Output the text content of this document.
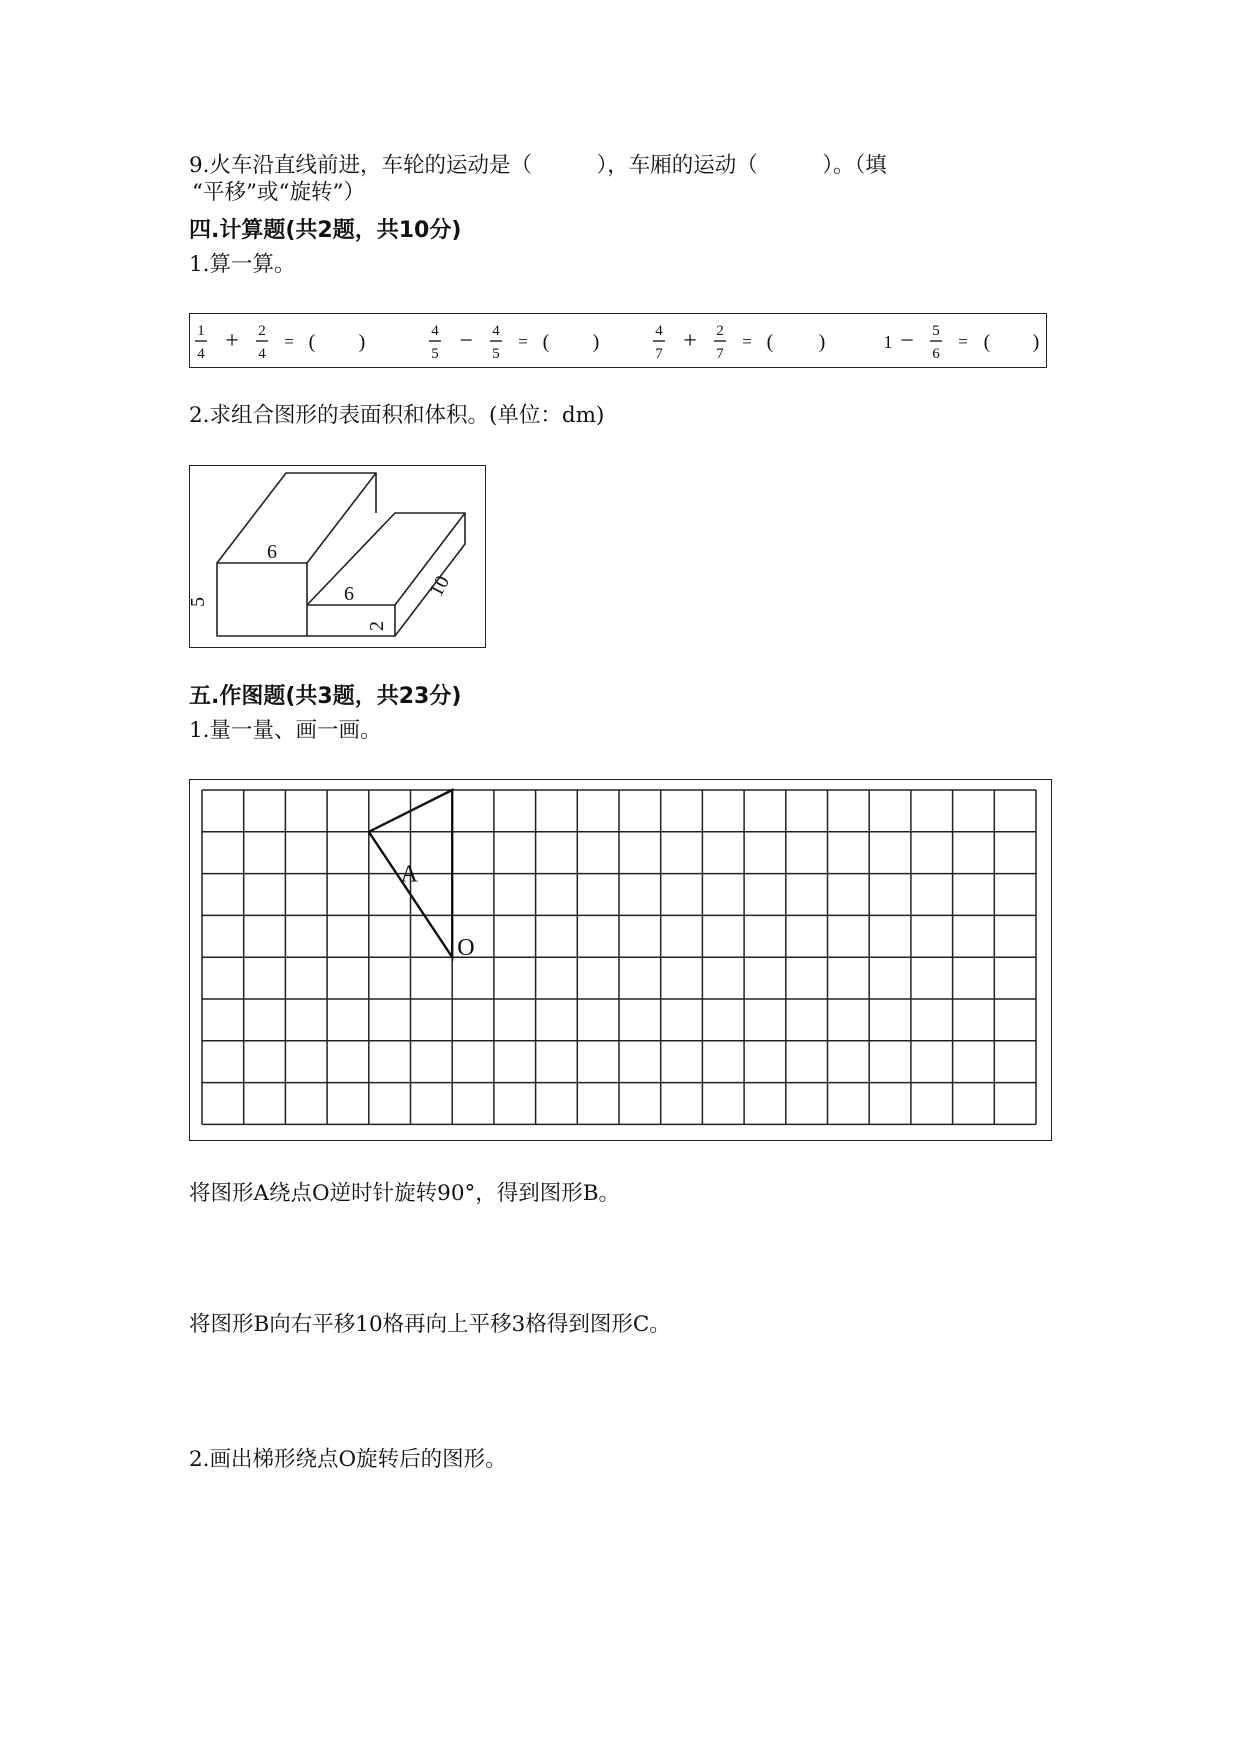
9.火车沿直线前进，车轮的运动是（　　　），车厢的运动（　　　）。（填
“平移”或“旋转”）
四.计算题(共2题，共10分)
1.算一算。
1
4 + 2
4
= ( )	4
5 − 4
5
= ( )	4
7 + 2
7
= ( )	1 − 5
6
= ( )
2.求组合图形的表面积和体积。(单位：dm)
6
6
5
2
10
五.作图题(共3题，共23分)
1.量一量、画一画。
A
O
将图形A绕点O逆时针旋转90°，得到图形B。
将图形B向右平移10格再向上平移3格得到图形C。
2.画出梯形绕点O旋转后的图形。
